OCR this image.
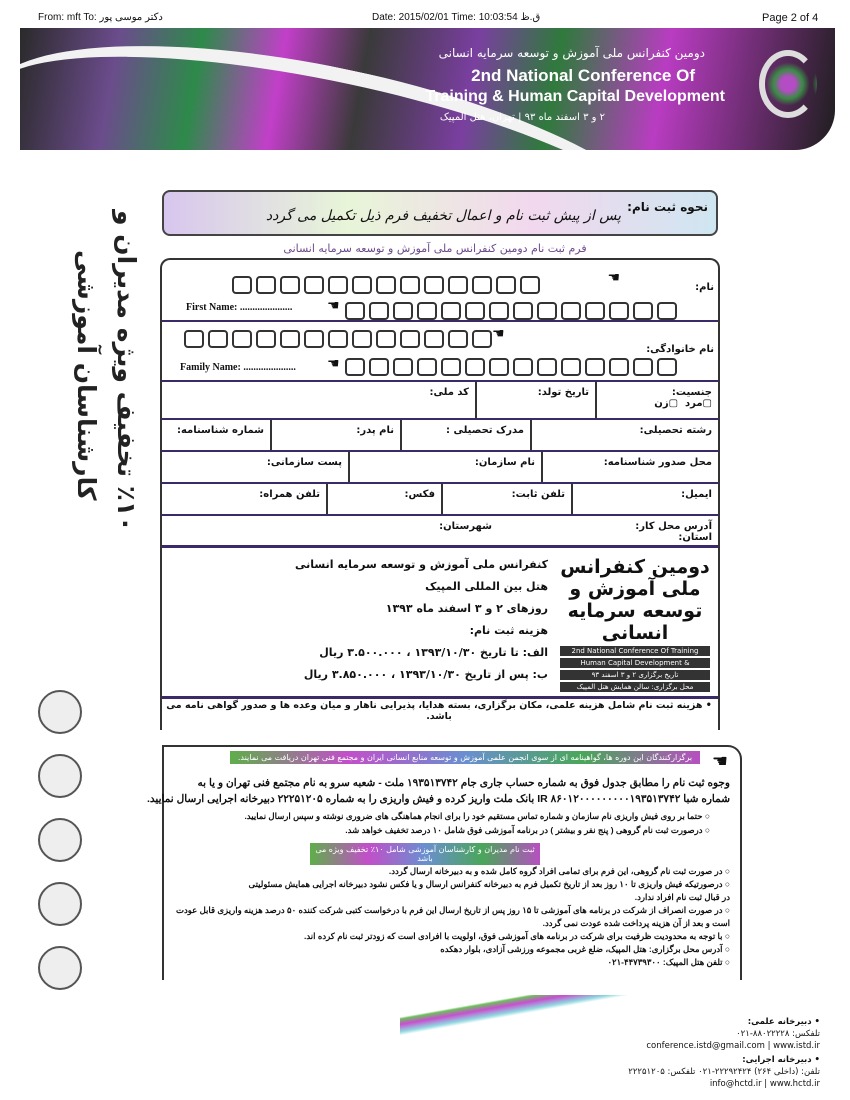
From: mft To: دکتر موسی پور	Date: 2015/02/01 Time: 10:03:54 ق.ظ	Page 2 of 4
دومین کنفرانس ملی آموزش و توسعه سرمایه انسانی
2nd National Conference Of
Training & Human Capital Development
۲ و ۳ اسفند ماه ۹۳ | تهران، هتل المپیک
٪۱۰ تخفیف ویژه مدیران و
کارشناسان آموزشی
نحوه ثبت نام:
پس از پیش ثبت نام و اعمال تخفیف فرم ذیل تکمیل می گردد
فرم ثبت نام دومین کنفرانس ملی آموزش و توسعه سرمایه انسانی
نام:
☚
First Name: ..................... ☚
نام خانوادگی:
☚
Family Name: ..................... ☚
جنسیت:
▢مرد  ▢زن
تاریخ تولد:
کد ملی:
رشته تحصیلی:
مدرک تحصیلی :
نام پدر:
شماره شناسنامه:
محل صدور شناسنامه:
نام سازمان:
پست سازمانی:
ایمیل:
تلفن ثابت:
فکس:
تلفن همراه:
آدرس محل کار: استان:
شهرستان:
کنفرانس ملی آموزش و توسعه سرمایه انسانی
هتل بین المللی المپیک
روزهای ۲ و ۳ اسفند ماه ۱۳۹۳
هزینه ثبت نام:
الف: تا تاریخ ۱۳۹۳/۱۰/۳۰ ، ۳.۵۰۰.۰۰۰ ریال
ب: پس از تاریخ ۱۳۹۳/۱۰/۳۰ ، ۳.۸۵۰.۰۰۰ ریال
دومین کنفرانس ملی آموزش و توسعه سرمایه انسانی
2nd National Conference Of Training
& Human Capital Development
تاریخ برگزاری ۲ و ۳ اسفند ۹۳
محل برگزاری: سالن همایش هتل المپیک
• هزینه ثبت نام شامل هزینه علمی، مکان برگزاری، بسته هدایا، پذیرایی ناهار و میان وعده ها و صدور گواهی نامه می باشد.
☚
برگزارکنندگان این دوره ها، گواهینامه ای از سوی انجمن علمی آموزش و توسعه منابع انسانی ایران و مجتمع فنی تهران دریافت می نمایند.
وجوه ثبت نام را مطابق جدول فوق به شماره حساب جاری جام ۱۹۳۵۱۳۷۴۲ ملت - شعبه سرو به نام مجتمع فنی تهران و یا به
شماره شبا IR ۸۶۰۱۲۰۰۰۰۰۰۰۰۰۱۹۳۵۱۳۷۴۲ بانک ملت واریز کرده و فیش واریزی را به شماره ۲۲۲۵۱۲۰۵ دبیرخانه اجرایی ارسال نمایید.
○ حتما بر روی فیش واریزی نام سازمان و شماره تماس مستقیم خود را برای انجام هماهنگی های ضروری نوشته و سپس ارسال نمایید.
○ درصورت ثبت نام گروهی ( پنج نفر و بیشتر ) در برنامه آموزشی فوق شامل ۱۰ درصد تخفیف خواهد شد.
ثبت نام مدیران و کارشناسان آموزشی شامل ۱۰٪ تخفیف ویژه می باشد
○ در صورت ثبت نام گروهی، این فرم برای تمامی افراد گروه کامل شده و به دبیرخانه ارسال گردد.
○ درصورتیکه فیش واریزی تا ۱۰ روز بعد از تاریخ تکمیل فرم به دبیرخانه کنفرانس ارسال و یا فکس نشود دبیرخانه اجرایی همایش مسئولیتی
در قبال ثبت نام افراد ندارد.
○ در صورت انصراف از شرکت در برنامه های آموزشی تا ۱۵ روز پس از تاریخ ارسال این فرم با درخواست کتبی شرکت کننده ۵۰ درصد هزینه واریزی قابل عودت
است و بعد از آن هزینه پرداخت شده عودت نمی گردد.
○ با توجه به محدودیت ظرفیت برای شرکت در برنامه های آموزشی فوق، اولویت با افرادی است که زودتر ثبت نام کرده اند.
○ آدرس محل برگزاری: هتل المپیک، ضلع غربی مجموعه ورزشی آزادی، بلوار دهکده
○ تلفن هتل المپیک: ۴۴۷۳۹۳۰۰-۰۲۱
• دبیرخانه علمی:
تلفکس: ۸۸۰۲۲۲۲۸-۰۲۱
conference.istd@gmail.com | www.istd.ir
• دبیرخانه اجرایی:
تلفن: (داخلی ۲۶۴) ۲۲۲۹۲۴۲۴-۰۲۱ تلفکس: ۲۲۲۵۱۲۰۵
info@hctd.ir | www.hctd.ir
